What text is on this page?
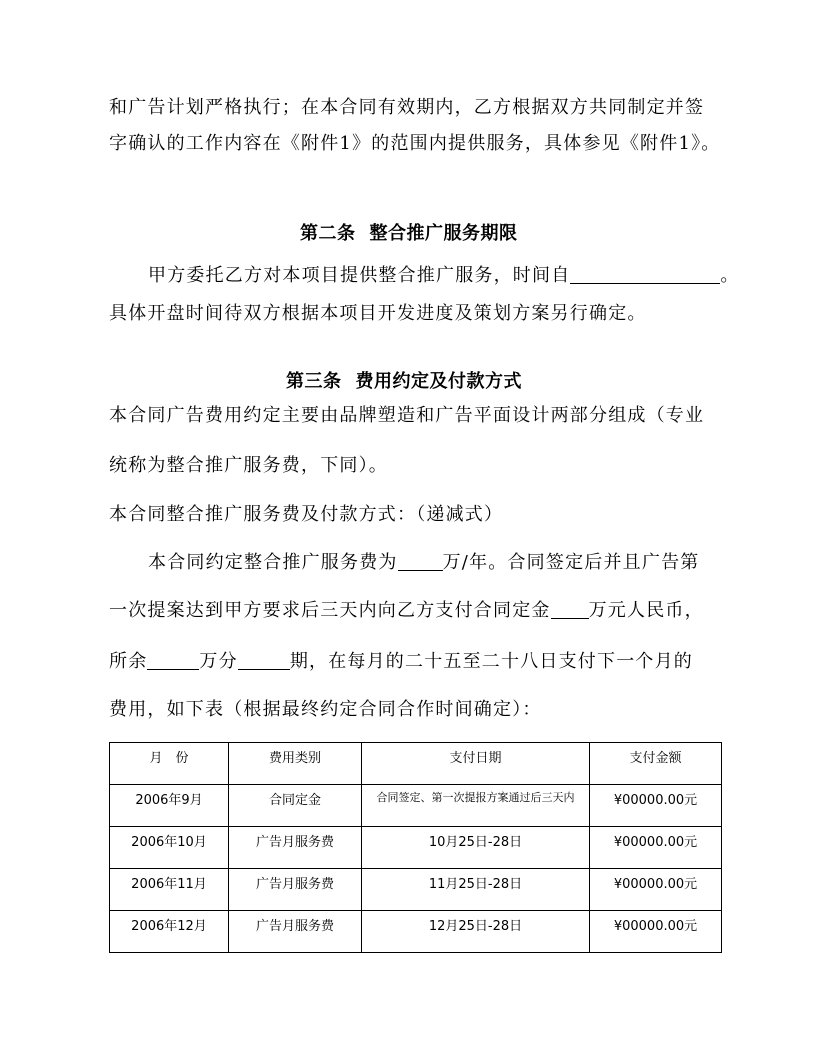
和广告计划严格执行；在本合同有效期内，乙方根据双方共同制定并签
字确认的工作内容在《附件1》的范围内提供服务，具体参见《附件1》。
第二条 整合推广服务期限
甲方委托乙方对本项目提供整合推广服务，时间自	。
具体开盘时间待双方根据本项目开发进度及策划方案另行确定。
第三条 费用约定及付款方式
本合同广告费用约定主要由品牌塑造和广告平面设计两部分组成（专业
统称为整合推广服务费，下同）。
本合同整合推广服务费及付款方式：（递减式）
本合同约定整合推广服务费为	万/年。合同签定后并且广告第
一次提案达到甲方要求后三天内向乙方支付合同定金 万元人民币，
所余	万分	期，在每月的二十五至二十八日支付下一个月的
费用，如下表（根据最终约定合同合作时间确定）：
月　份	费用类别	支付日期	支付金额
2006年9月	合同定金	合同签定、第一次提报方案通过后三天内	¥00000.00元
2006年10月	广告月服务费	10月25日-28日	¥00000.00元
2006年11月	广告月服务费	11月25日-28日	¥00000.00元
2006年12月	广告月服务费	12月25日-28日	¥00000.00元
